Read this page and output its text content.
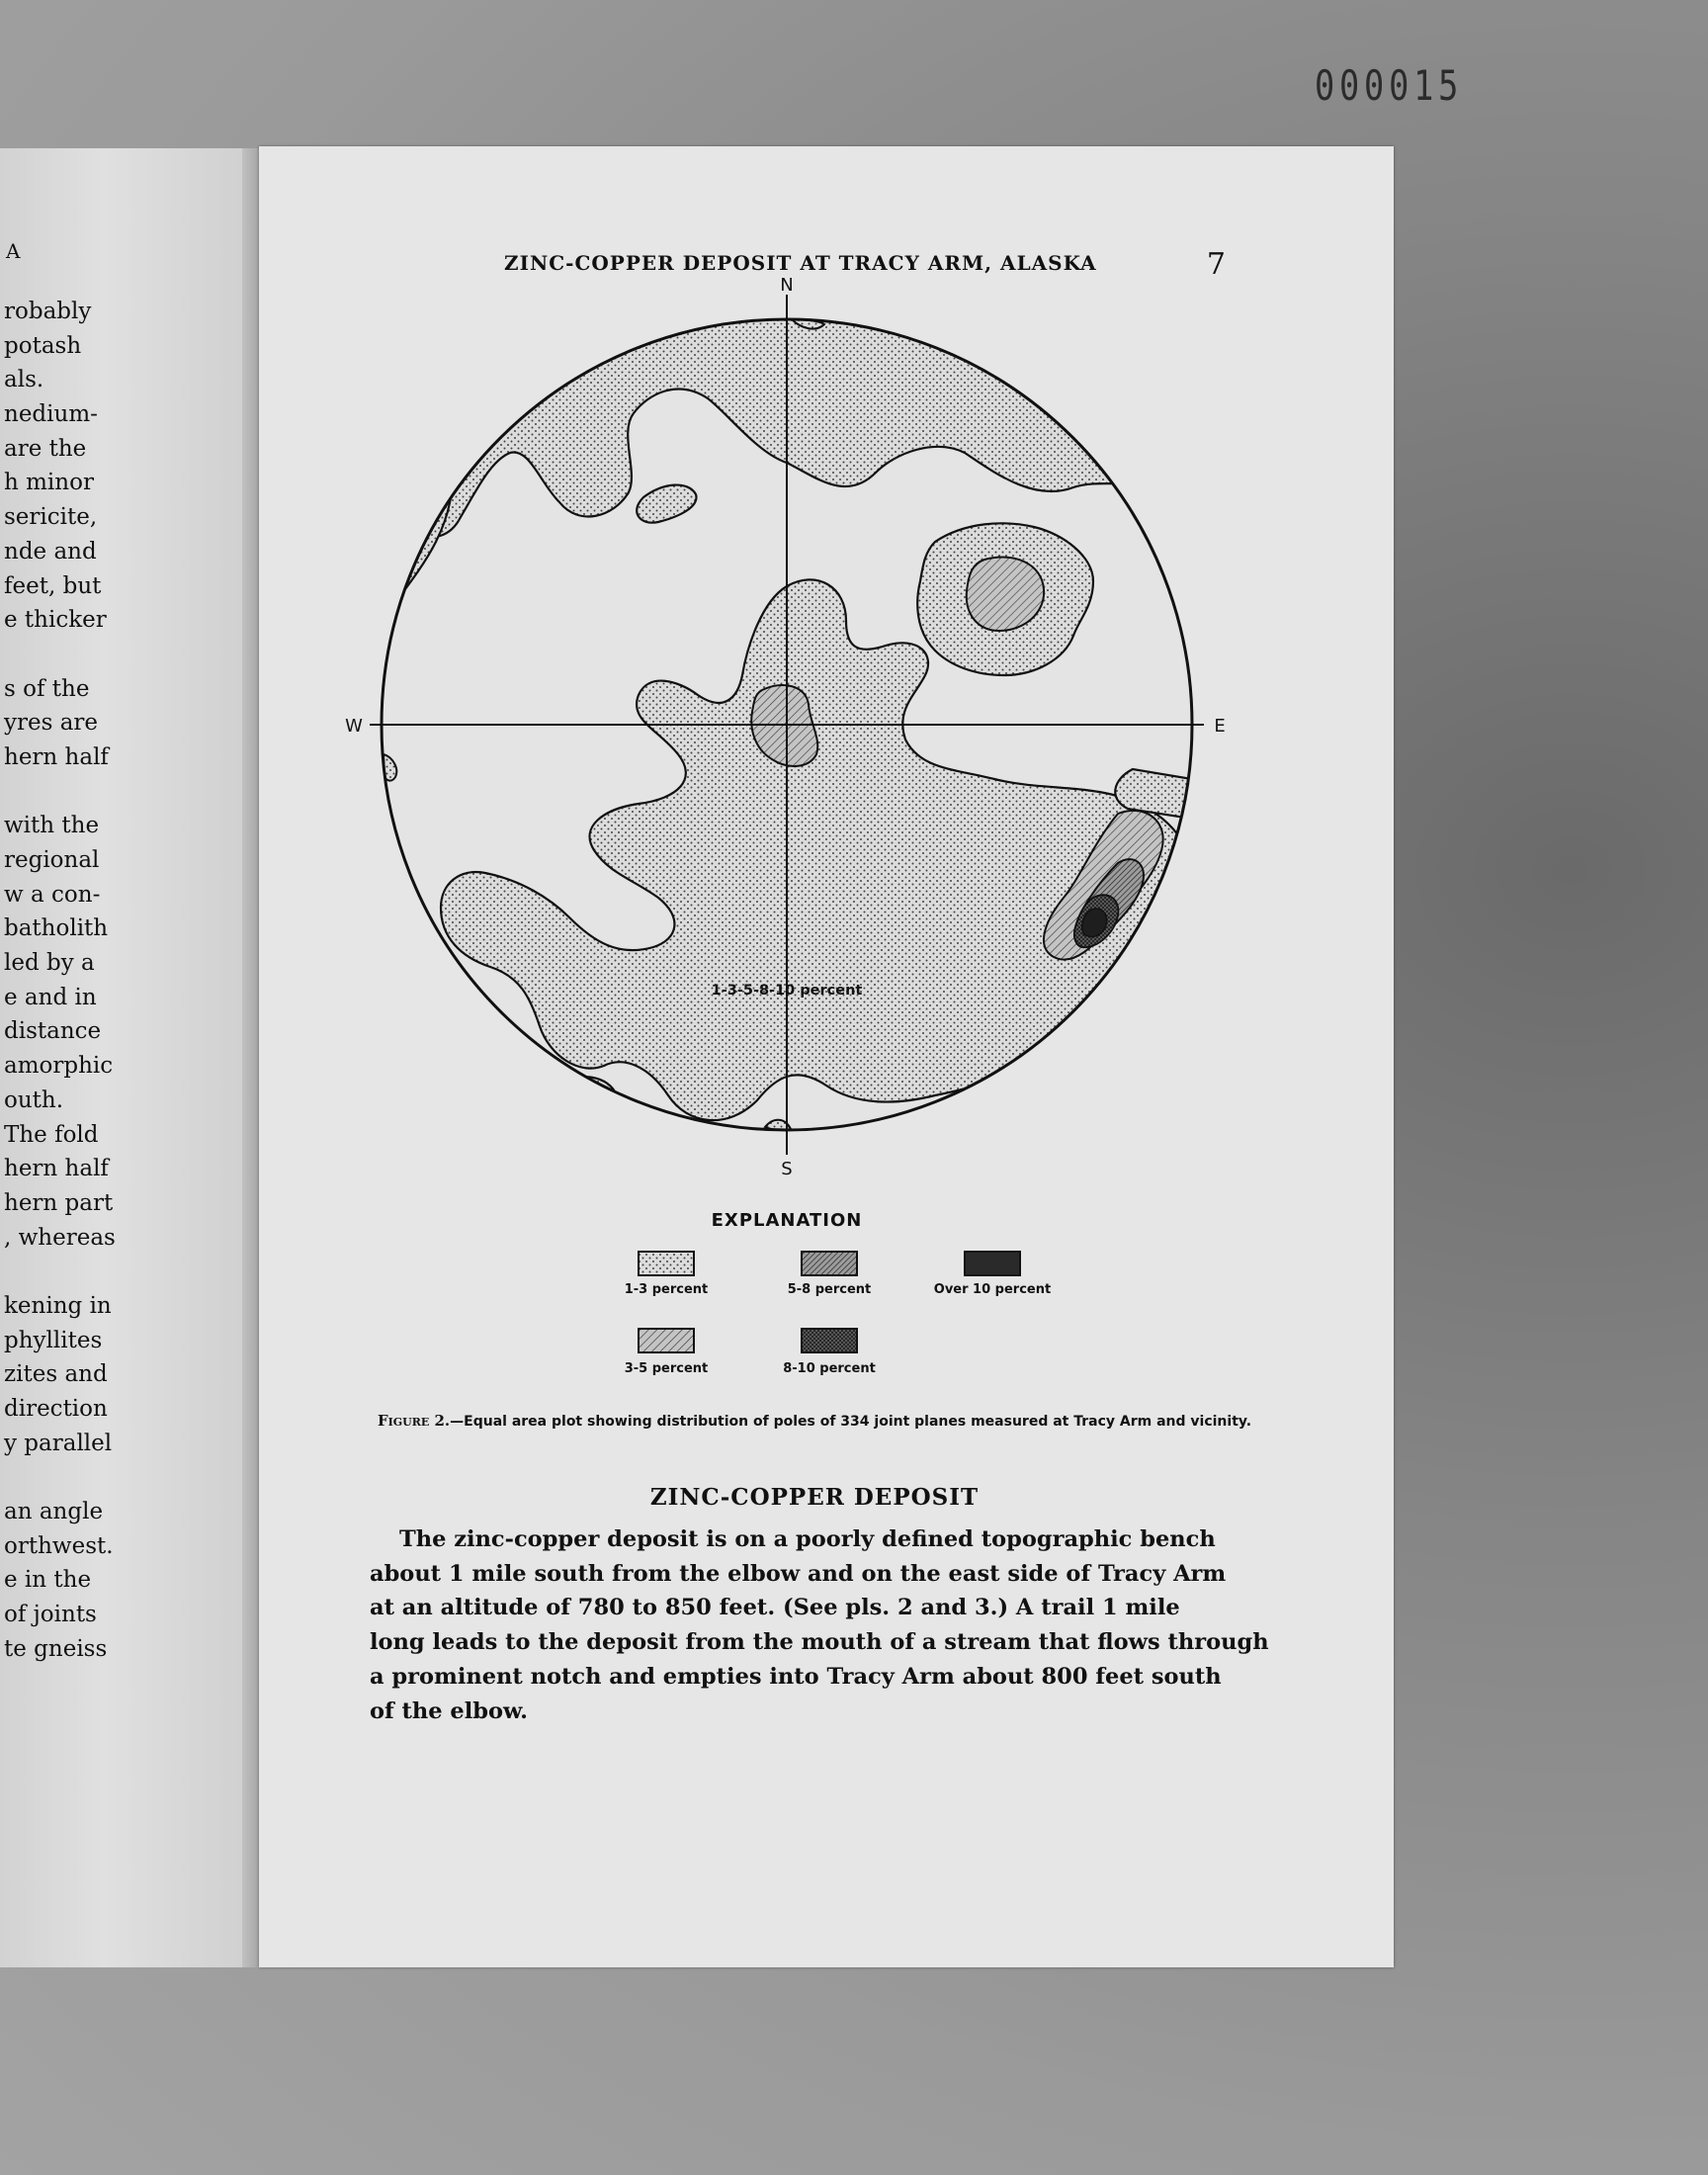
000015
A
robably
potash
als.
nedium-
are the
h minor
sericite,
nde and
feet, but
e thicker
s of the
yres are
hern half
with the
regional
w a con-
batholith
led by a
e and in
distance
amorphic
outh.
The fold
hern half
hern part
, whereas
kening in
phyllites
zites and
direction
y parallel
an angle
orthwest.
e in the
of joints
te gneiss
ZINC-COPPER DEPOSIT AT TRACY ARM, ALASKA	7
N
S
W	E
1-3-5-8-10 percent
EXPLANATION
1-3 percent	5-8 percent	Over 10 percent
3-5 percent	8-10 percent
Figure 2.—Equal area plot showing distribution of poles of 334 joint planes measured at Tracy Arm and vicinity.
ZINC-COPPER DEPOSIT
The zinc-copper deposit is on a poorly defined topographic bench
about 1 mile south from the elbow and on the east side of Tracy Arm
at an altitude of 780 to 850 feet. (See pls. 2 and 3.) A trail 1 mile
long leads to the deposit from the mouth of a stream that flows through
a prominent notch and empties into Tracy Arm about 800 feet south
of the elbow.
